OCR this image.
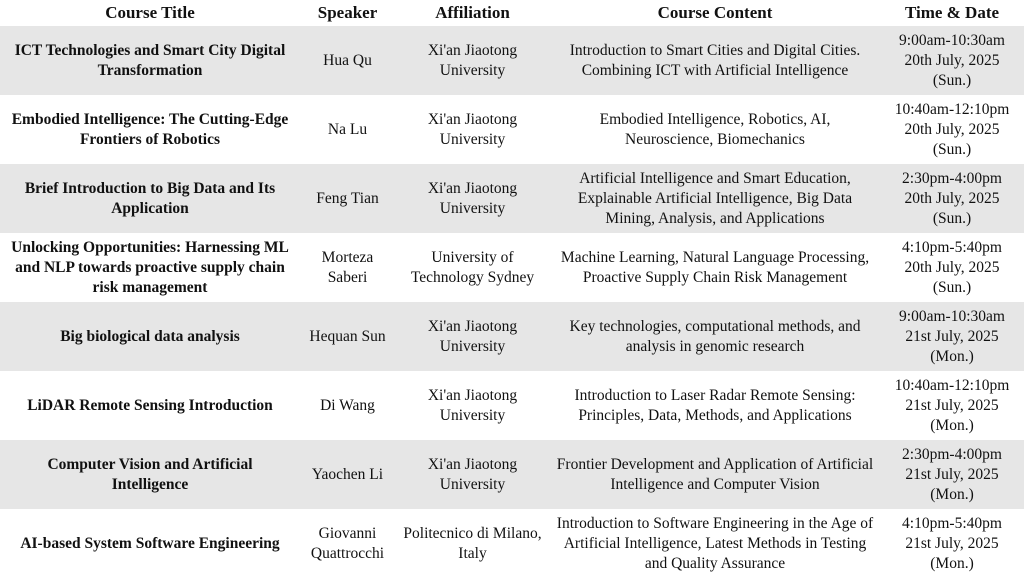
Course Title	Speaker	Affiliation	Course Content	Time & Date
ICT Technologies and Smart City Digital Transformation	Hua Qu	Xi'an Jiaotong University	Introduction to Smart Cities and Digital Cities. Combining ICT with Artificial Intelligence	9:00am-10:30am
20th July, 2025
(Sun.)

Embodied Intelligence: The Cutting-Edge Frontiers of Robotics	Na Lu	Xi'an Jiaotong University	Embodied Intelligence, Robotics, AI, Neuroscience, Biomechanics	10:40am-12:10pm
20th July, 2025
(Sun.)

Brief Introduction to Big Data and Its Application	Feng Tian	Xi'an Jiaotong University	Artificial Intelligence and Smart Education, Explainable Artificial Intelligence, Big Data Mining, Analysis, and Applications	2:30pm-4:00pm
20th July, 2025
(Sun.)

Unlocking Opportunities: Harnessing ML and NLP towards proactive supply chain risk management	Morteza Saberi	University of Technology Sydney	Machine Learning, Natural Language Processing, Proactive Supply Chain Risk Management	4:10pm-5:40pm
20th July, 2025
(Sun.)

Big biological data analysis	Hequan Sun	Xi'an Jiaotong University	Key technologies, computational methods, and analysis in genomic research	9:00am-10:30am
21st July, 2025
(Mon.)

LiDAR Remote Sensing Introduction	Di Wang	Xi'an Jiaotong University	Introduction to Laser Radar Remote Sensing: Principles, Data, Methods, and Applications	10:40am-12:10pm
21st July, 2025
(Mon.)

Computer Vision and Artificial Intelligence	Yaochen Li	Xi'an Jiaotong University	Frontier Development and Application of Artificial Intelligence and Computer Vision	2:30pm-4:00pm
21st July, 2025
(Mon.)

AI-based System Software Engineering	Giovanni Quattrocchi	Politecnico di Milano, Italy	Introduction to Software Engineering in the Age of Artificial Intelligence, Latest Methods in Testing and Quality Assurance	4:10pm-5:40pm
21st July, 2025
(Mon.)
